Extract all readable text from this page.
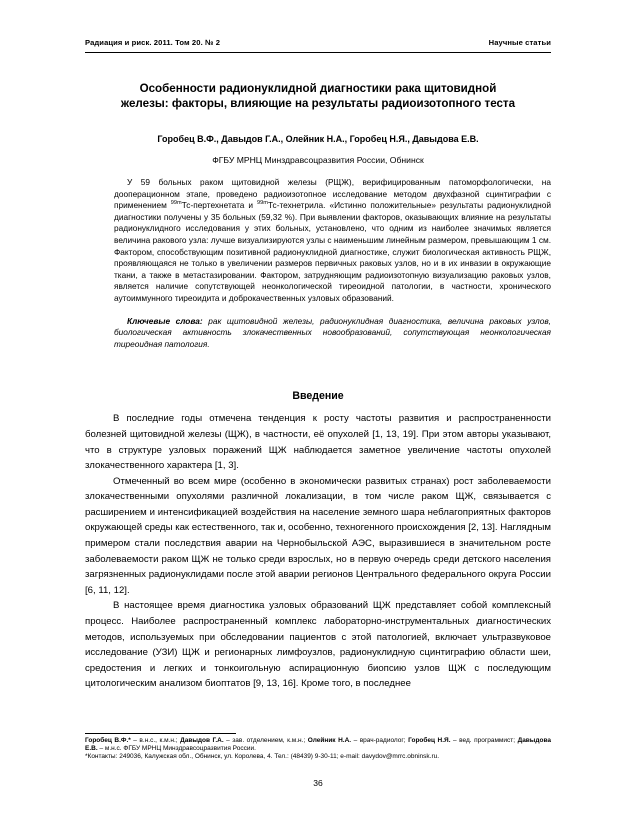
Радиация и риск. 2011. Том 20. № 2	Научные статьи
Особенности радионуклидной диагностики рака щитовидной железы: факторы, влияющие на результаты радиоизотопного теста
Горобец В.Ф., Давыдов Г.А., Олейник Н.А., Горобец Н.Я., Давыдова Е.В.
ФГБУ МРНЦ Минздравсоцразвития России, Обнинск
У 59 больных раком щитовидной железы (РЩЖ), верифицированным патоморфологически, на дооперационном этапе, проведено радиоизотопное исследование методом двухфазной сцинтиграфии с применением $^{99m}$Тс-пертехнетата и $^{99m}$Тс-технетрила. «Истинно положительные» результаты радионуклидной диагностики получены у 35 больных (59,32 %). При выявлении факторов, оказывающих влияние на результаты радионуклидного исследования у этих больных, установлено, что одним из наиболее значимых является величина ракового узла: лучше визуализируются узлы с наименьшим линейным размером, превышающим 1 см. Фактором, способствующим позитивной радионуклидной диагностике, служит биологическая активность РЩЖ, проявляющаяся не только в увеличении размеров первичных раковых узлов, но и в их инвазии в окружающие ткани, а также в метастазировании. Фактором, затрудняющим радиоизотопную визуализацию раковых узлов, является наличие сопутствующей неонкологической тиреоидной патологии, в частности, хронического аутоиммунного тиреоидита и доброкачественных узловых образований.
Ключевые слова: рак щитовидной железы, радионуклидная диагностика, величина раковых узлов, биологическая активность злокачественных новообразований, сопутствующая неонкологическая тиреоидная патология.
Введение

В последние годы отмечена тенденция к росту частоты развития и распространенности болезней щитовидной железы (ЩЖ), в частности, её опухолей [1, 13, 19]. При этом авторы указывают, что в структуре узловых поражений ЩЖ наблюдается заметное увеличение частоты опухолей злокачественного характера [1, 3].

Отмеченный во всем мире (особенно в экономически развитых странах) рост заболеваемости злокачественными опухолями различной локализации, в том числе раком ЩЖ, связывается с расширением и интенсификацией воздействия на население земного шара неблагоприятных факторов окружающей среды как естественного, так и, особенно, техногенного происхождения [2, 13]. Наглядным примером стали последствия аварии на Чернобыльской АЭС, выразившиеся в значительном росте заболеваемости раком ЩЖ не только среди взрослых, но в первую очередь среди детского населения загрязненных радионуклидами после этой аварии регионов Центрального федерального округа России [6, 11, 12].

В настоящее время диагностика узловых образований ЩЖ представляет собой комплексный процесс. Наиболее распространенный комплекс лабораторно-инструментальных диагностических методов, используемых при обследовании пациентов с этой патологией, включает ультразвуковое исследование (УЗИ) ЩЖ и регионарных лимфоузлов, радионуклидную сцинтиграфию области шеи, средостения и легких и тонкоигольную аспирационную биопсию узлов ЩЖ с последующим цитологическим анализом биоптатов [9, 13, 16]. Кроме того, в последнее

Горобец В.Ф.* – в.н.с., к.м.н.; Давыдов Г.А. – зав. отделением, к.м.н.; Олейник Н.А. – врач-радиолог; Горобец Н.Я. – вед. программист; Давыдова Е.В. – м.н.с. ФГБУ МРНЦ Минздравсоцразвития России.
*Контакты: 249036, Калужская обл., Обнинск, ул. Королева, 4. Тел.: (48439) 9-30-11; e-mail: davydov@mrrc.obninsk.ru.
36
